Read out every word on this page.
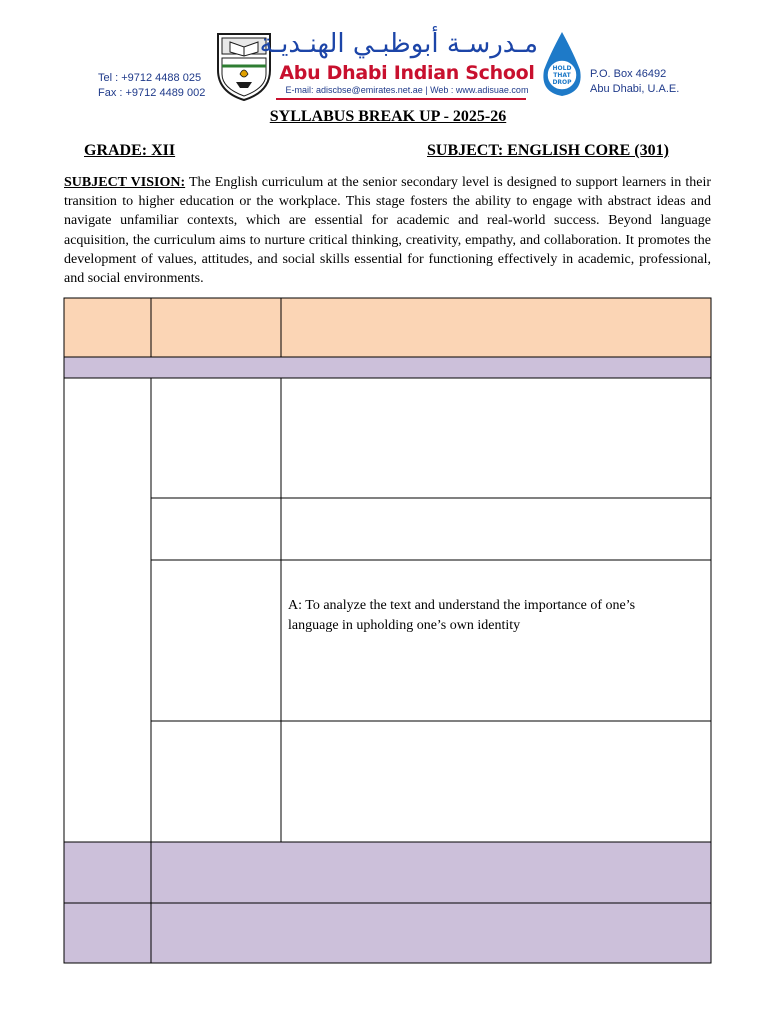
Tel : +9712 4488 025
Fax : +9712 4489 002
مـدرسـة أبوظبـي الهنـديـة
Abu Dhabi Indian School
E-mail: adiscbse@emirates.net.ae | Web : www.adisuae.com
HOLD
THAT
DROP
P.O. Box 46492
Abu Dhabi, U.A.E.
SYLLABUS BREAK UP - 2025-26
GRADE: XII	SUBJECT: ENGLISH CORE (301)
SUBJECT VISION: The English curriculum at the senior secondary level is designed to support learners in their transition to higher education or the workplace. This stage fosters the ability to engage with abstract ideas and navigate unfamiliar contexts, which are essential for academic and real-world success. Beyond language acquisition, the curriculum aims to nurture critical thinking, creativity, empathy, and collaboration. It promotes the development of values, attitudes, and social skills essential for functioning effectively in academic, professional, and social environments.
A: To analyze the text and understand the importance of one’s language in upholding one’s own identity
